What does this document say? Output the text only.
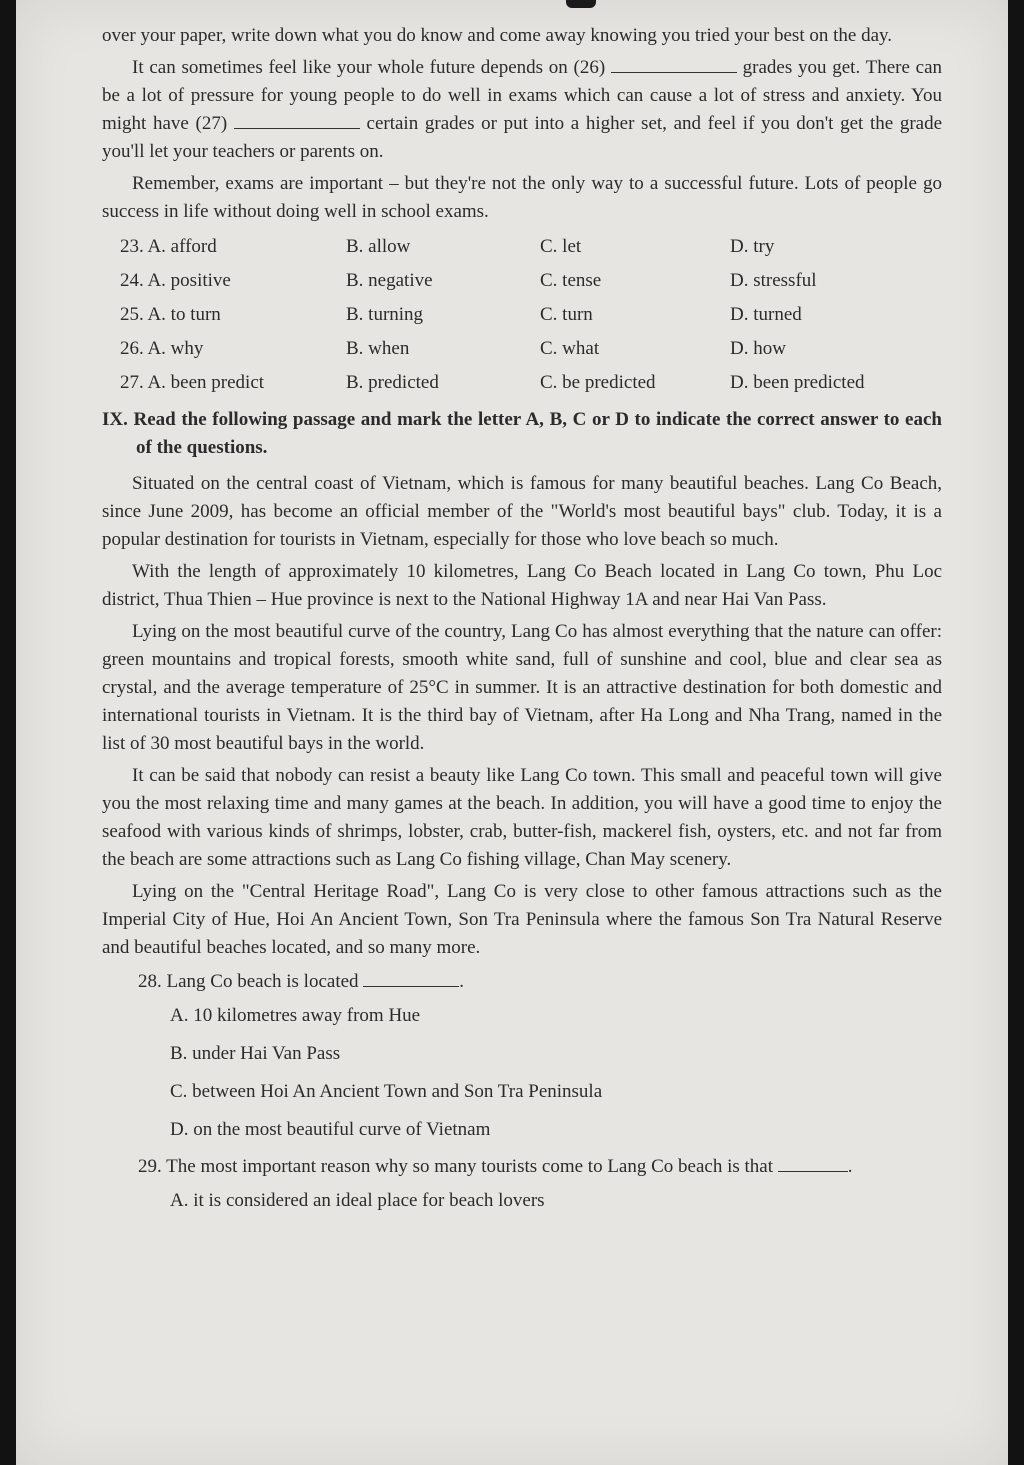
over your paper, write down what you do know and come away knowing you tried your best on the day.

It can sometimes feel like your whole future depends on (26)	grades you get. There can be a lot of pressure for young people to do well in exams which can cause a lot of stress and anxiety. You might have (27)	certain grades or put into a higher set, and feel if you don't get the grade you'll let your teachers or parents on.

Remember, exams are important – but they're not the only way to a successful future. Lots of people go success in life without doing well in school exams.

23. A. afford	B. allow	C. let	D. try
24. A. positive	B. negative	C. tense	D. stressful
25. A. to turn	B. turning	C. turn	D. turned
26. A. why	B. when	C. what	D. how
27. A. been predict	B. predicted	C. be predicted	D. been predicted

IX. Read the following passage and mark the letter A, B, C or D to indicate the correct answer to each of the questions.

Situated on the central coast of Vietnam, which is famous for many beautiful beaches. Lang Co Beach, since June 2009, has become an official member of the "World's most beautiful bays" club. Today, it is a popular destination for tourists in Vietnam, especially for those who love beach so much.

With the length of approximately 10 kilometres, Lang Co Beach located in Lang Co town, Phu Loc district, Thua Thien – Hue province is next to the National Highway 1A and near Hai Van Pass.

Lying on the most beautiful curve of the country, Lang Co has almost everything that the nature can offer: green mountains and tropical forests, smooth white sand, full of sunshine and cool, blue and clear sea as crystal, and the average temperature of 25°C in summer. It is an attractive destination for both domestic and international tourists in Vietnam. It is the third bay of Vietnam, after Ha Long and Nha Trang, named in the list of 30 most beautiful bays in the world.

It can be said that nobody can resist a beauty like Lang Co town. This small and peaceful town will give you the most relaxing time and many games at the beach. In addition, you will have a good time to enjoy the seafood with various kinds of shrimps, lobster, crab, butter-fish, mackerel fish, oysters, etc. and not far from the beach are some attractions such as Lang Co fishing village, Chan May scenery.

Lying on the "Central Heritage Road", Lang Co is very close to other famous attractions such as the Imperial City of Hue, Hoi An Ancient Town, Son Tra Peninsula where the famous Son Tra Natural Reserve and beautiful beaches located, and so many more.

28. Lang Co beach is located	.
A. 10 kilometres away from Hue
B. under Hai Van Pass
C. between Hoi An Ancient Town and Son Tra Peninsula
D. on the most beautiful curve of Vietnam
29. The most important reason why so many tourists come to Lang Co beach is that	.
A. it is considered an ideal place for beach lovers
